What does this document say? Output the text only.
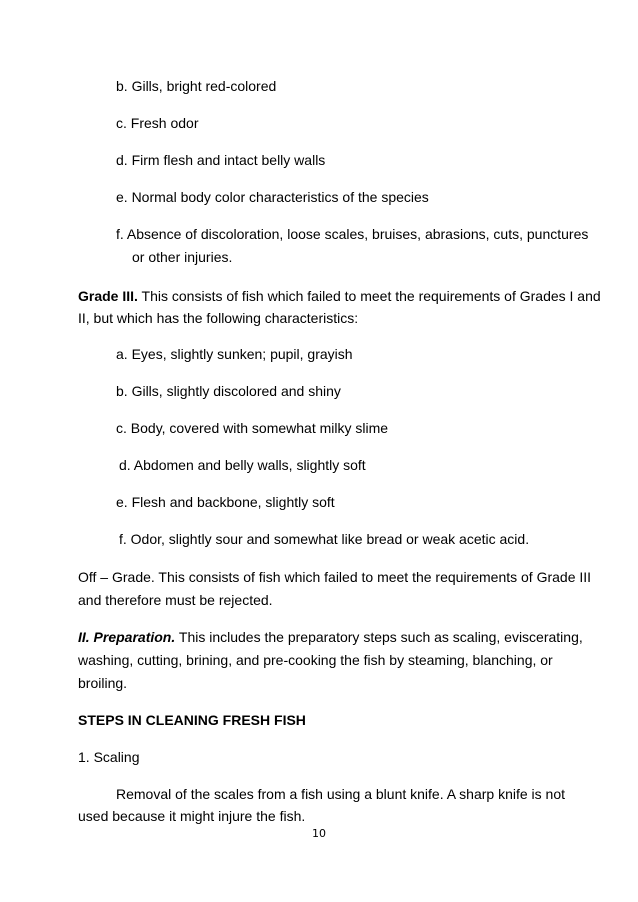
b. Gills, bright red-colored
c. Fresh odor
d. Firm flesh and intact belly walls
e. Normal body color characteristics of the species
f. Absence of discoloration, loose scales, bruises, abrasions, cuts, punctures
or other injuries.
Grade III. This consists of fish which failed to meet the requirements of Grades I and
II, but which has the following characteristics:
a. Eyes, slightly sunken; pupil, grayish
b. Gills, slightly discolored and shiny
c. Body, covered with somewhat milky slime
d. Abdomen and belly walls, slightly soft
e. Flesh and backbone, slightly soft
f. Odor, slightly sour and somewhat like bread or weak acetic acid.
Off – Grade. This consists of fish which failed to meet the requirements of Grade III
and therefore must be rejected.
II. Preparation. This includes the preparatory steps such as scaling, eviscerating,
washing, cutting, brining, and pre-cooking the fish by steaming, blanching, or
broiling.
STEPS IN CLEANING FRESH FISH
1. Scaling
Removal of the scales from a fish using a blunt knife. A sharp knife is not
used because it might injure the fish.
10
